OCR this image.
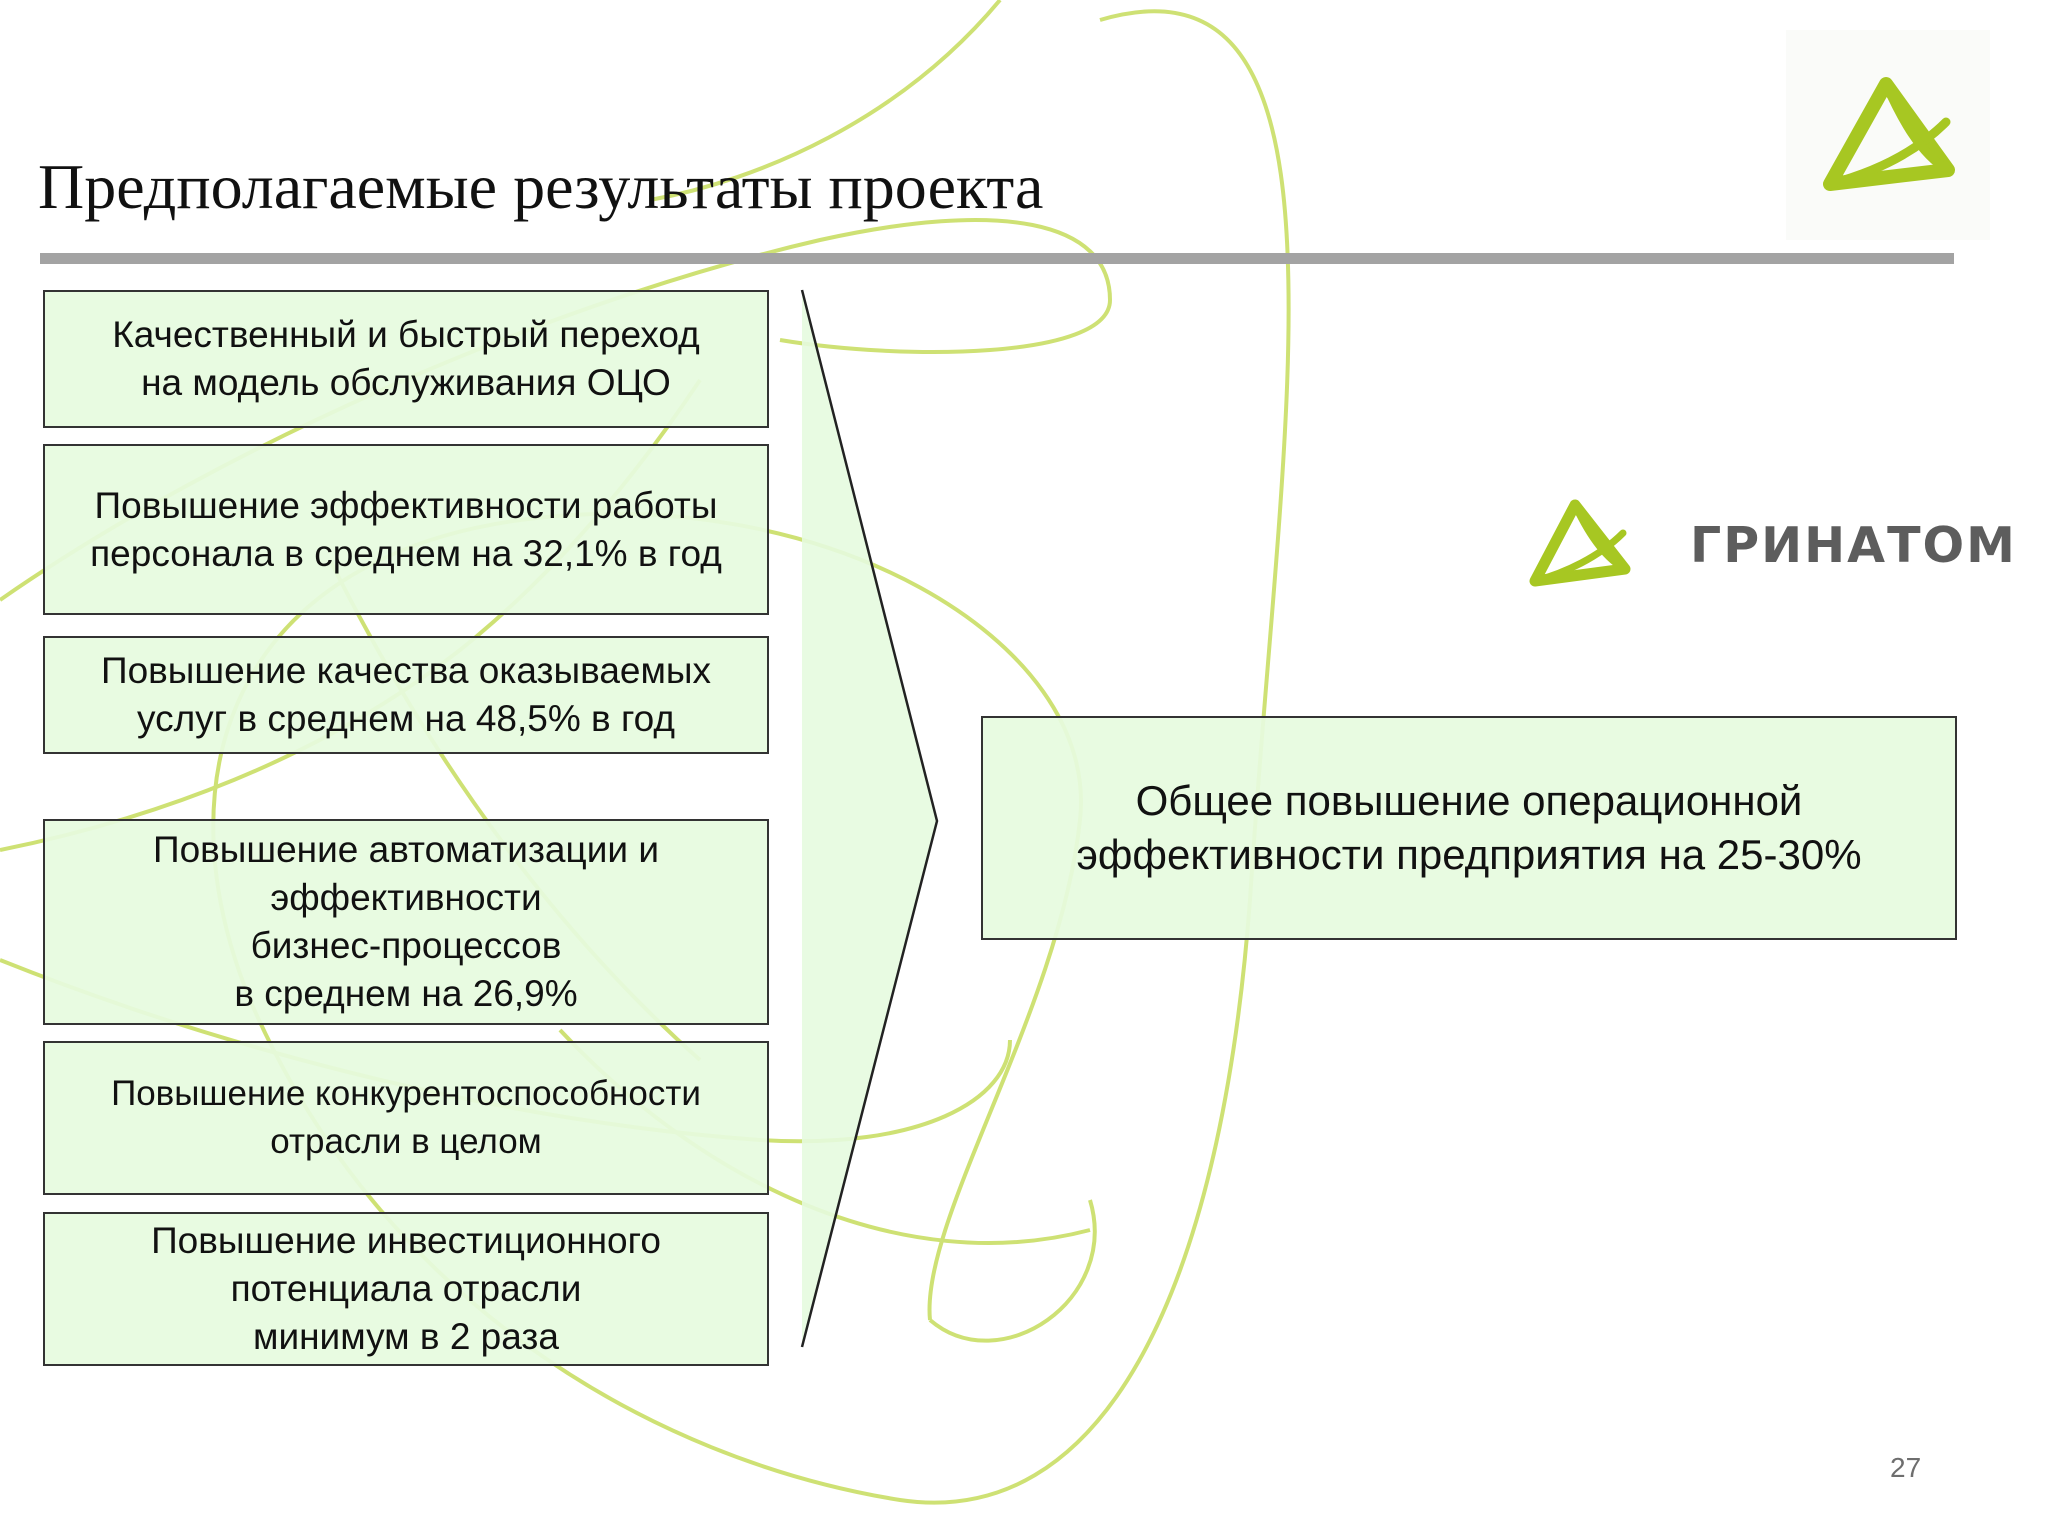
Предполагаемые результаты проекта
ГРИНАТОМ
Качественный и быстрый переход
на модель обслуживания ОЦО
Повышение эффективности работы
персонала в среднем на 32,1% в год
Повышение качества оказываемых
услуг в среднем на 48,5% в год
Повышение автоматизации и
эффективности
бизнес-процессов
в среднем на 26,9%
Повышение конкурентоспособности
отрасли в целом
Повышение инвестиционного
потенциала отрасли
минимум в 2 раза
Общее повышение операционной
эффективности предприятия на 25-30%
27
